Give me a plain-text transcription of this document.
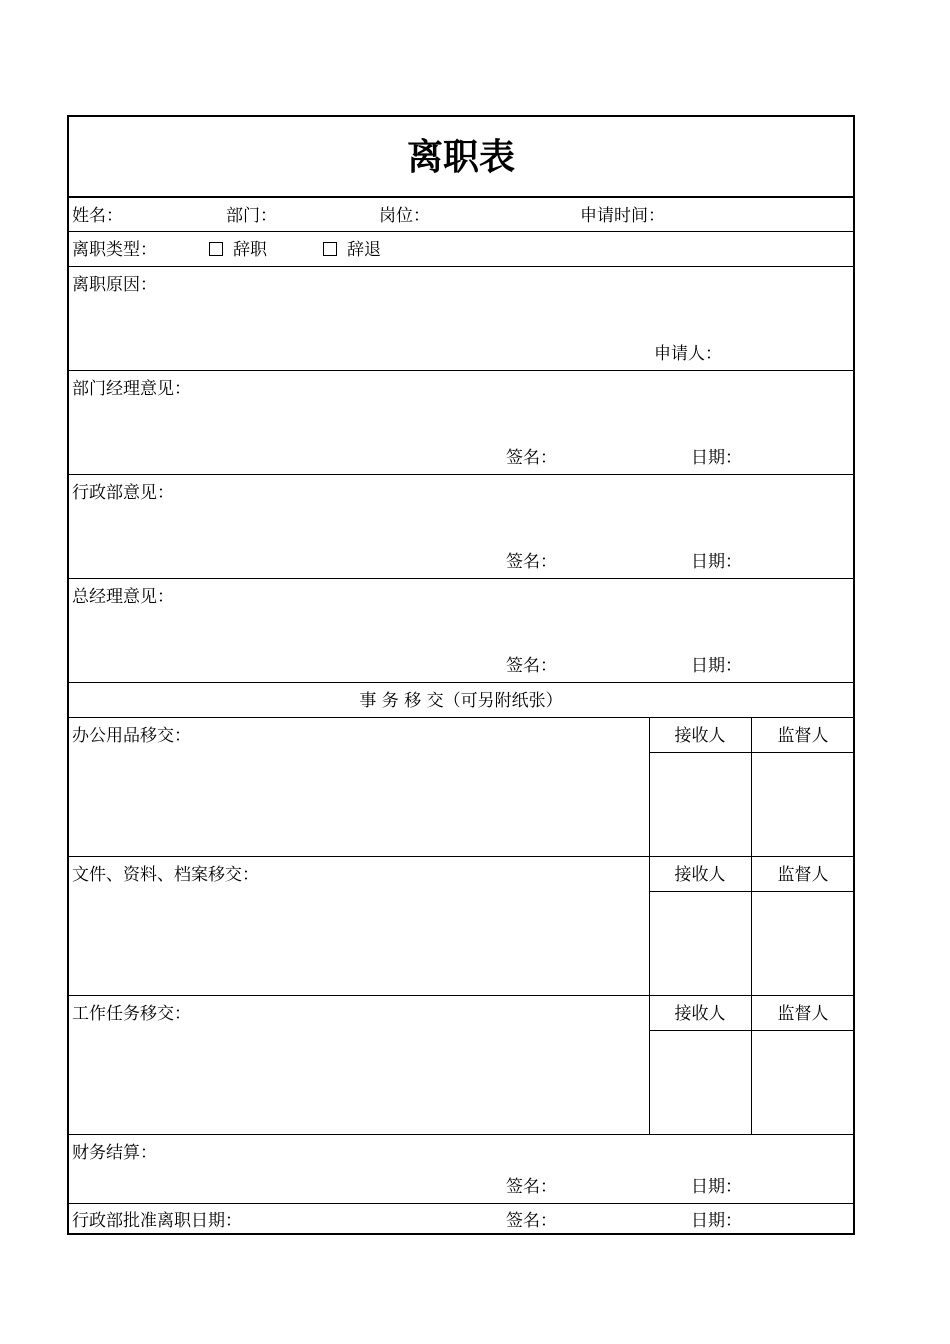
离职表
姓名：	部门：	岗位：	申请时间：
离职类型：	辞职	辞退
离职原因：
申请人：
部门经理意见：
签名：	日期：
行政部意见：
签名：	日期：
总经理意见：
签名：	日期：
事 务 移 交（可另附纸张）
办公用品移交：	接收人	监督人
文件、资料、档案移交：	接收人	监督人
工作任务移交：	接收人	监督人
财务结算：
签名：	日期：
行政部批准离职日期：	签名：	日期：
